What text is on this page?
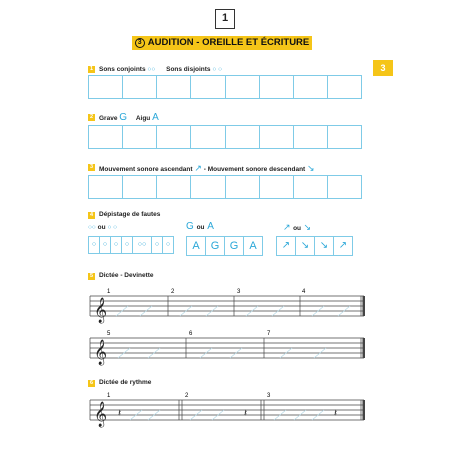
1
3 AUDITION - OREILLE ET ÉCRITURE
3
1 Sons conjoints ○○ Sons disjoints ○ ○
2 Grave G Aigu A
3 Mouvement sonore ascendant ↗ - Mouvement sonore descendant ↘
4 Dépistage de fautes
○○ ou ○ ○	G ou A	↗ ou ↘
○ ○ ○ ○	○○	○ ○	A	G G	A	↗	↘	↘	↗
5 Dictée - Devinette
𝄞
1	2	3	4
𝄞
5	6	7
6 Dictée de rythme
𝄞 𝄽	𝄽	𝄽
1	2	3
